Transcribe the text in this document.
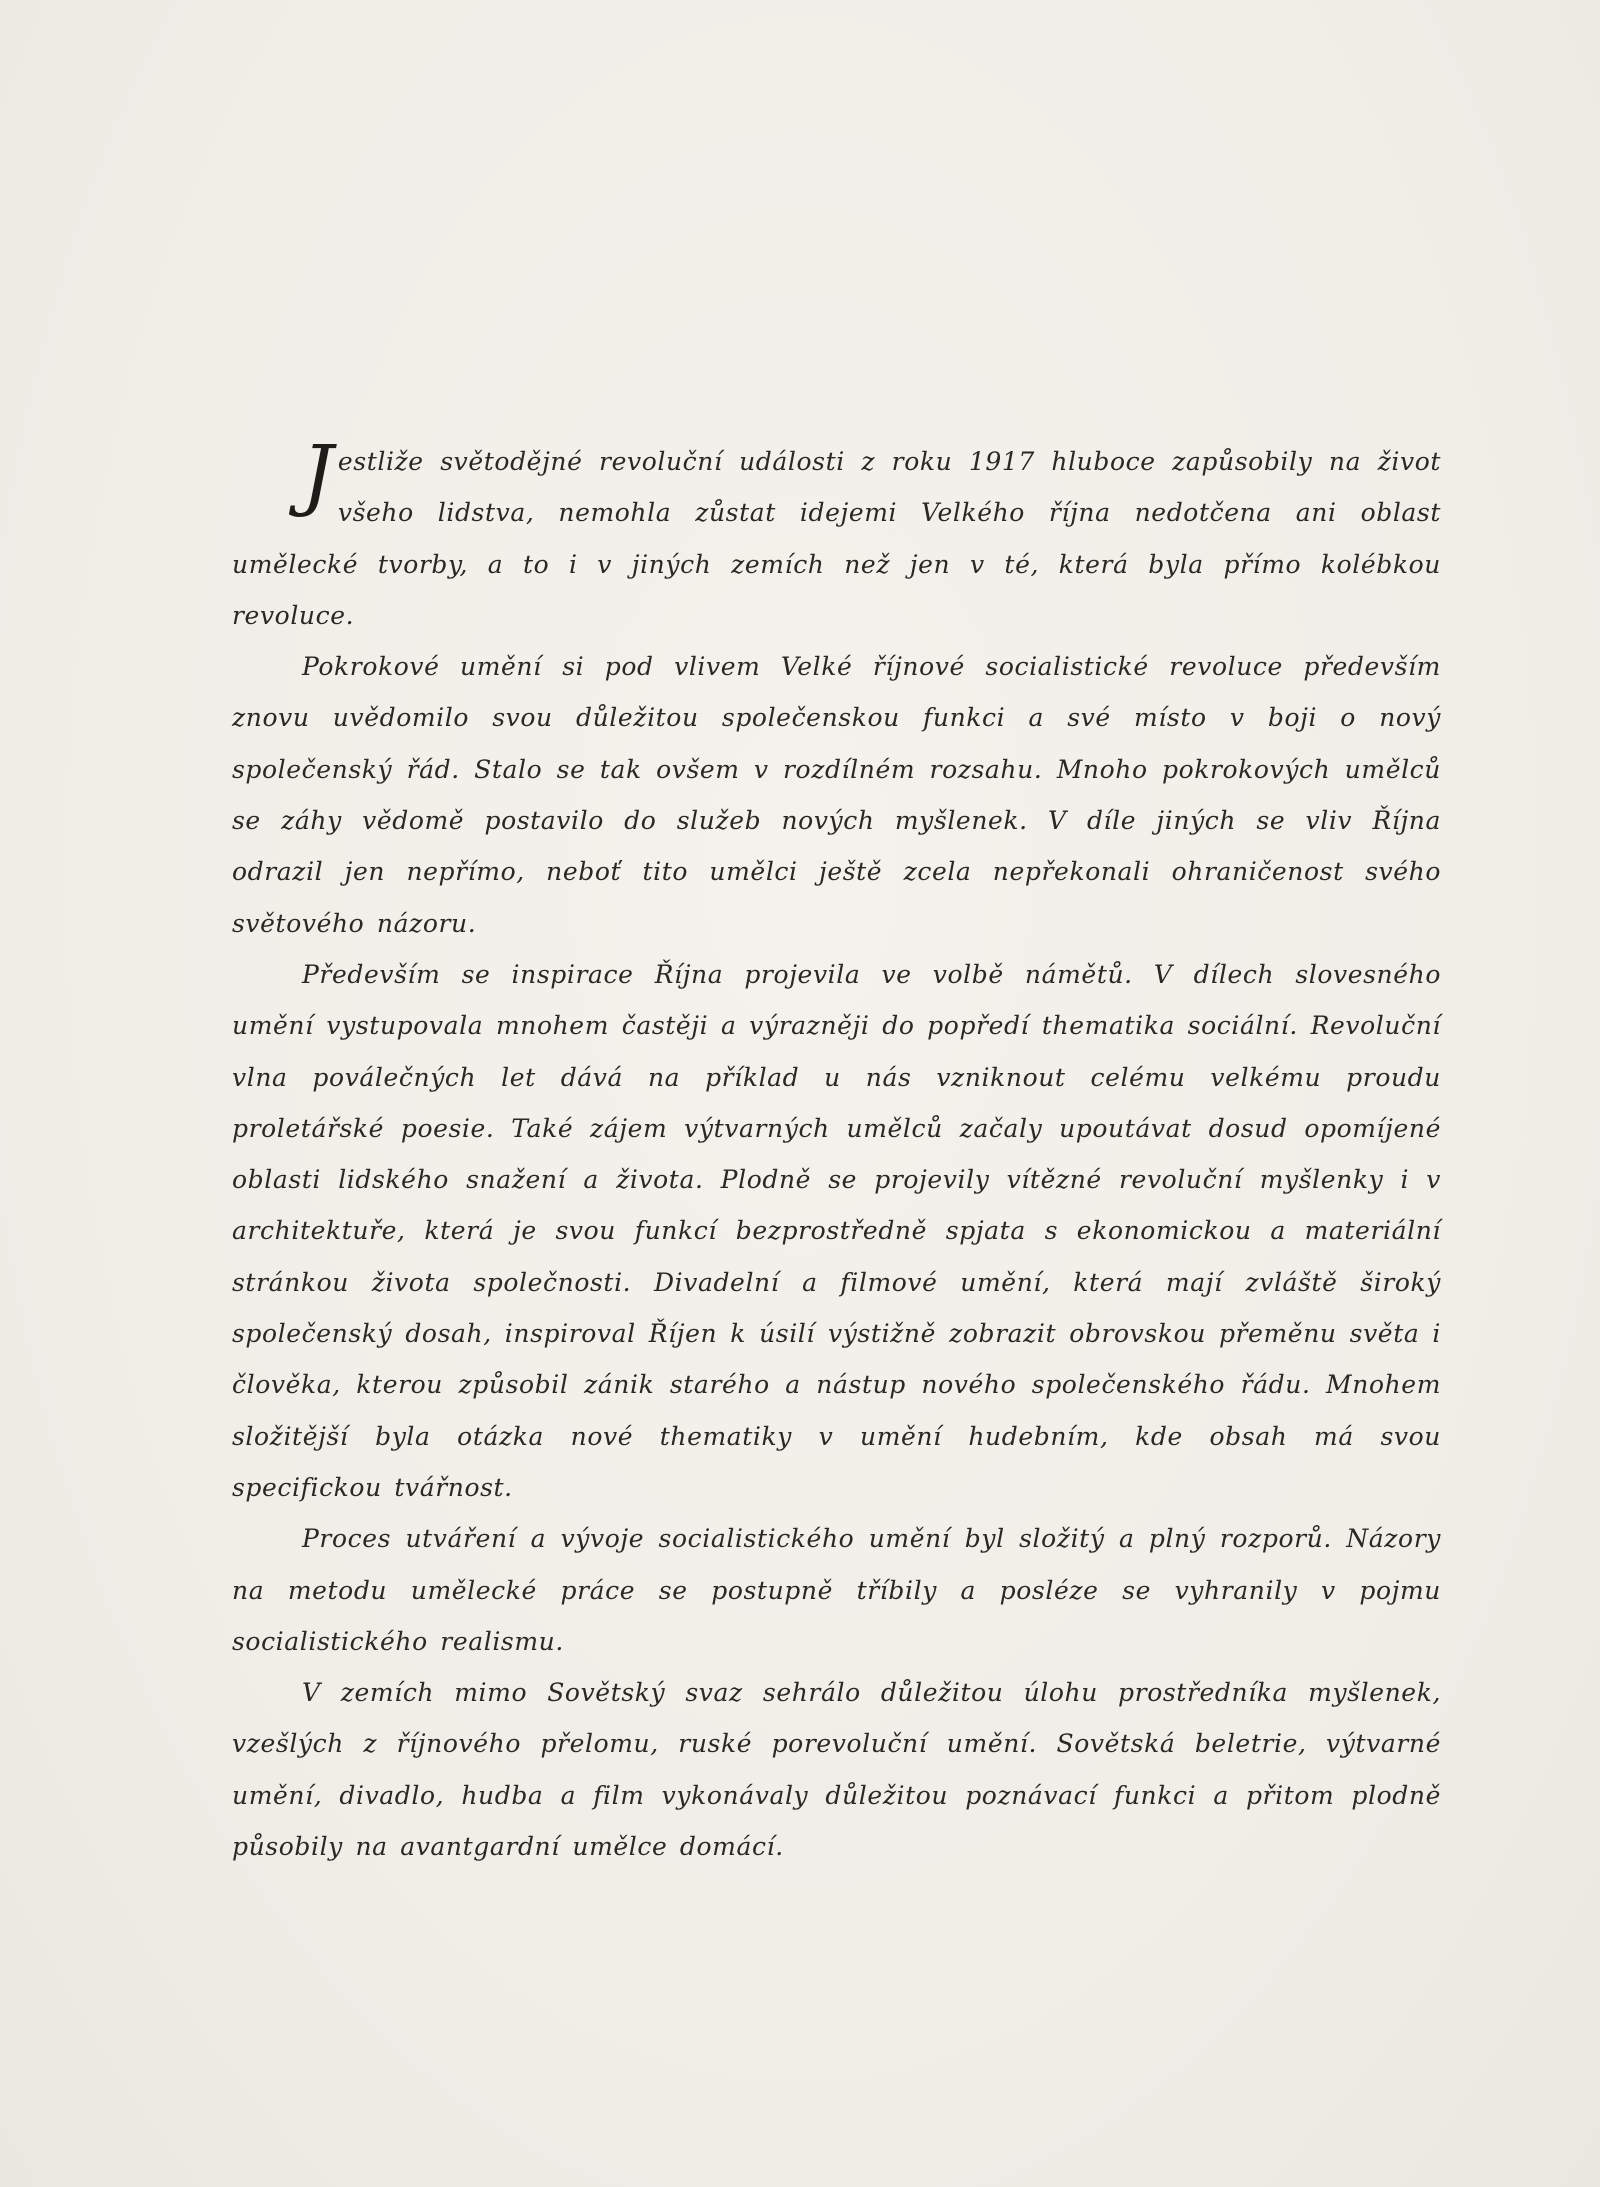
Jestliže světodějné revoluční události z roku 1917 hluboce zapůsobily na život všeho lidstva, nemohla zůstat idejemi Velkého října nedotčena ani oblast umělecké tvorby, a to i v jiných zemích než jen v té, která byla přímo kolébkou revoluce.

Pokrokové umění si pod vlivem Velké říjnové socialistické revoluce především znovu uvědomilo svou důležitou společenskou funkci a své místo v boji o nový společenský řád. Stalo se tak ovšem v rozdílném rozsahu. Mnoho pokrokových umělců se záhy vědomě postavilo do služeb nových myšlenek. V díle jiných se vliv Října odrazil jen nepřímo, neboť tito umělci ještě zcela nepřekonali ohraničenost svého světového názoru.

Především se inspirace Října projevila ve volbě námětů. V dílech slovesného umění vystupovala mnohem častěji a výrazněji do popředí thematika sociální. Revoluční vlna poválečných let dává na příklad u nás vzniknout celému velkému proudu proletářské poesie. Také zájem výtvarných umělců začaly upoutávat dosud opomíjené oblasti lidského snažení a života. Plodně se projevily vítězné revoluční myšlenky i v architektuře, která je svou funkcí bezprostředně spjata s ekonomickou a materiální stránkou života společnosti. Divadelní a filmové umění, která mají zvláště široký společenský dosah, inspiroval Říjen k úsilí výstižně zobrazit obrovskou přeměnu světa i člověka, kterou způsobil zánik starého a nástup nového společenského řádu. Mnohem složitější byla otázka nové thematiky v umění hudebním, kde obsah má svou specifickou tvářnost.

Proces utváření a vývoje socialistického umění byl složitý a plný rozporů. Názory na metodu umělecké práce se postupně tříbily a posléze se vyhranily v pojmu socialistického realismu.

V zemích mimo Sovětský svaz sehrálo důležitou úlohu prostředníka myšlenek, vzešlých z říjnového přelomu, ruské porevoluční umění. Sovětská beletrie, výtvarné umění, divadlo, hudba a film vykonávaly důležitou poznávací funkci a přitom plodně působily na avantgardní umělce domácí.
